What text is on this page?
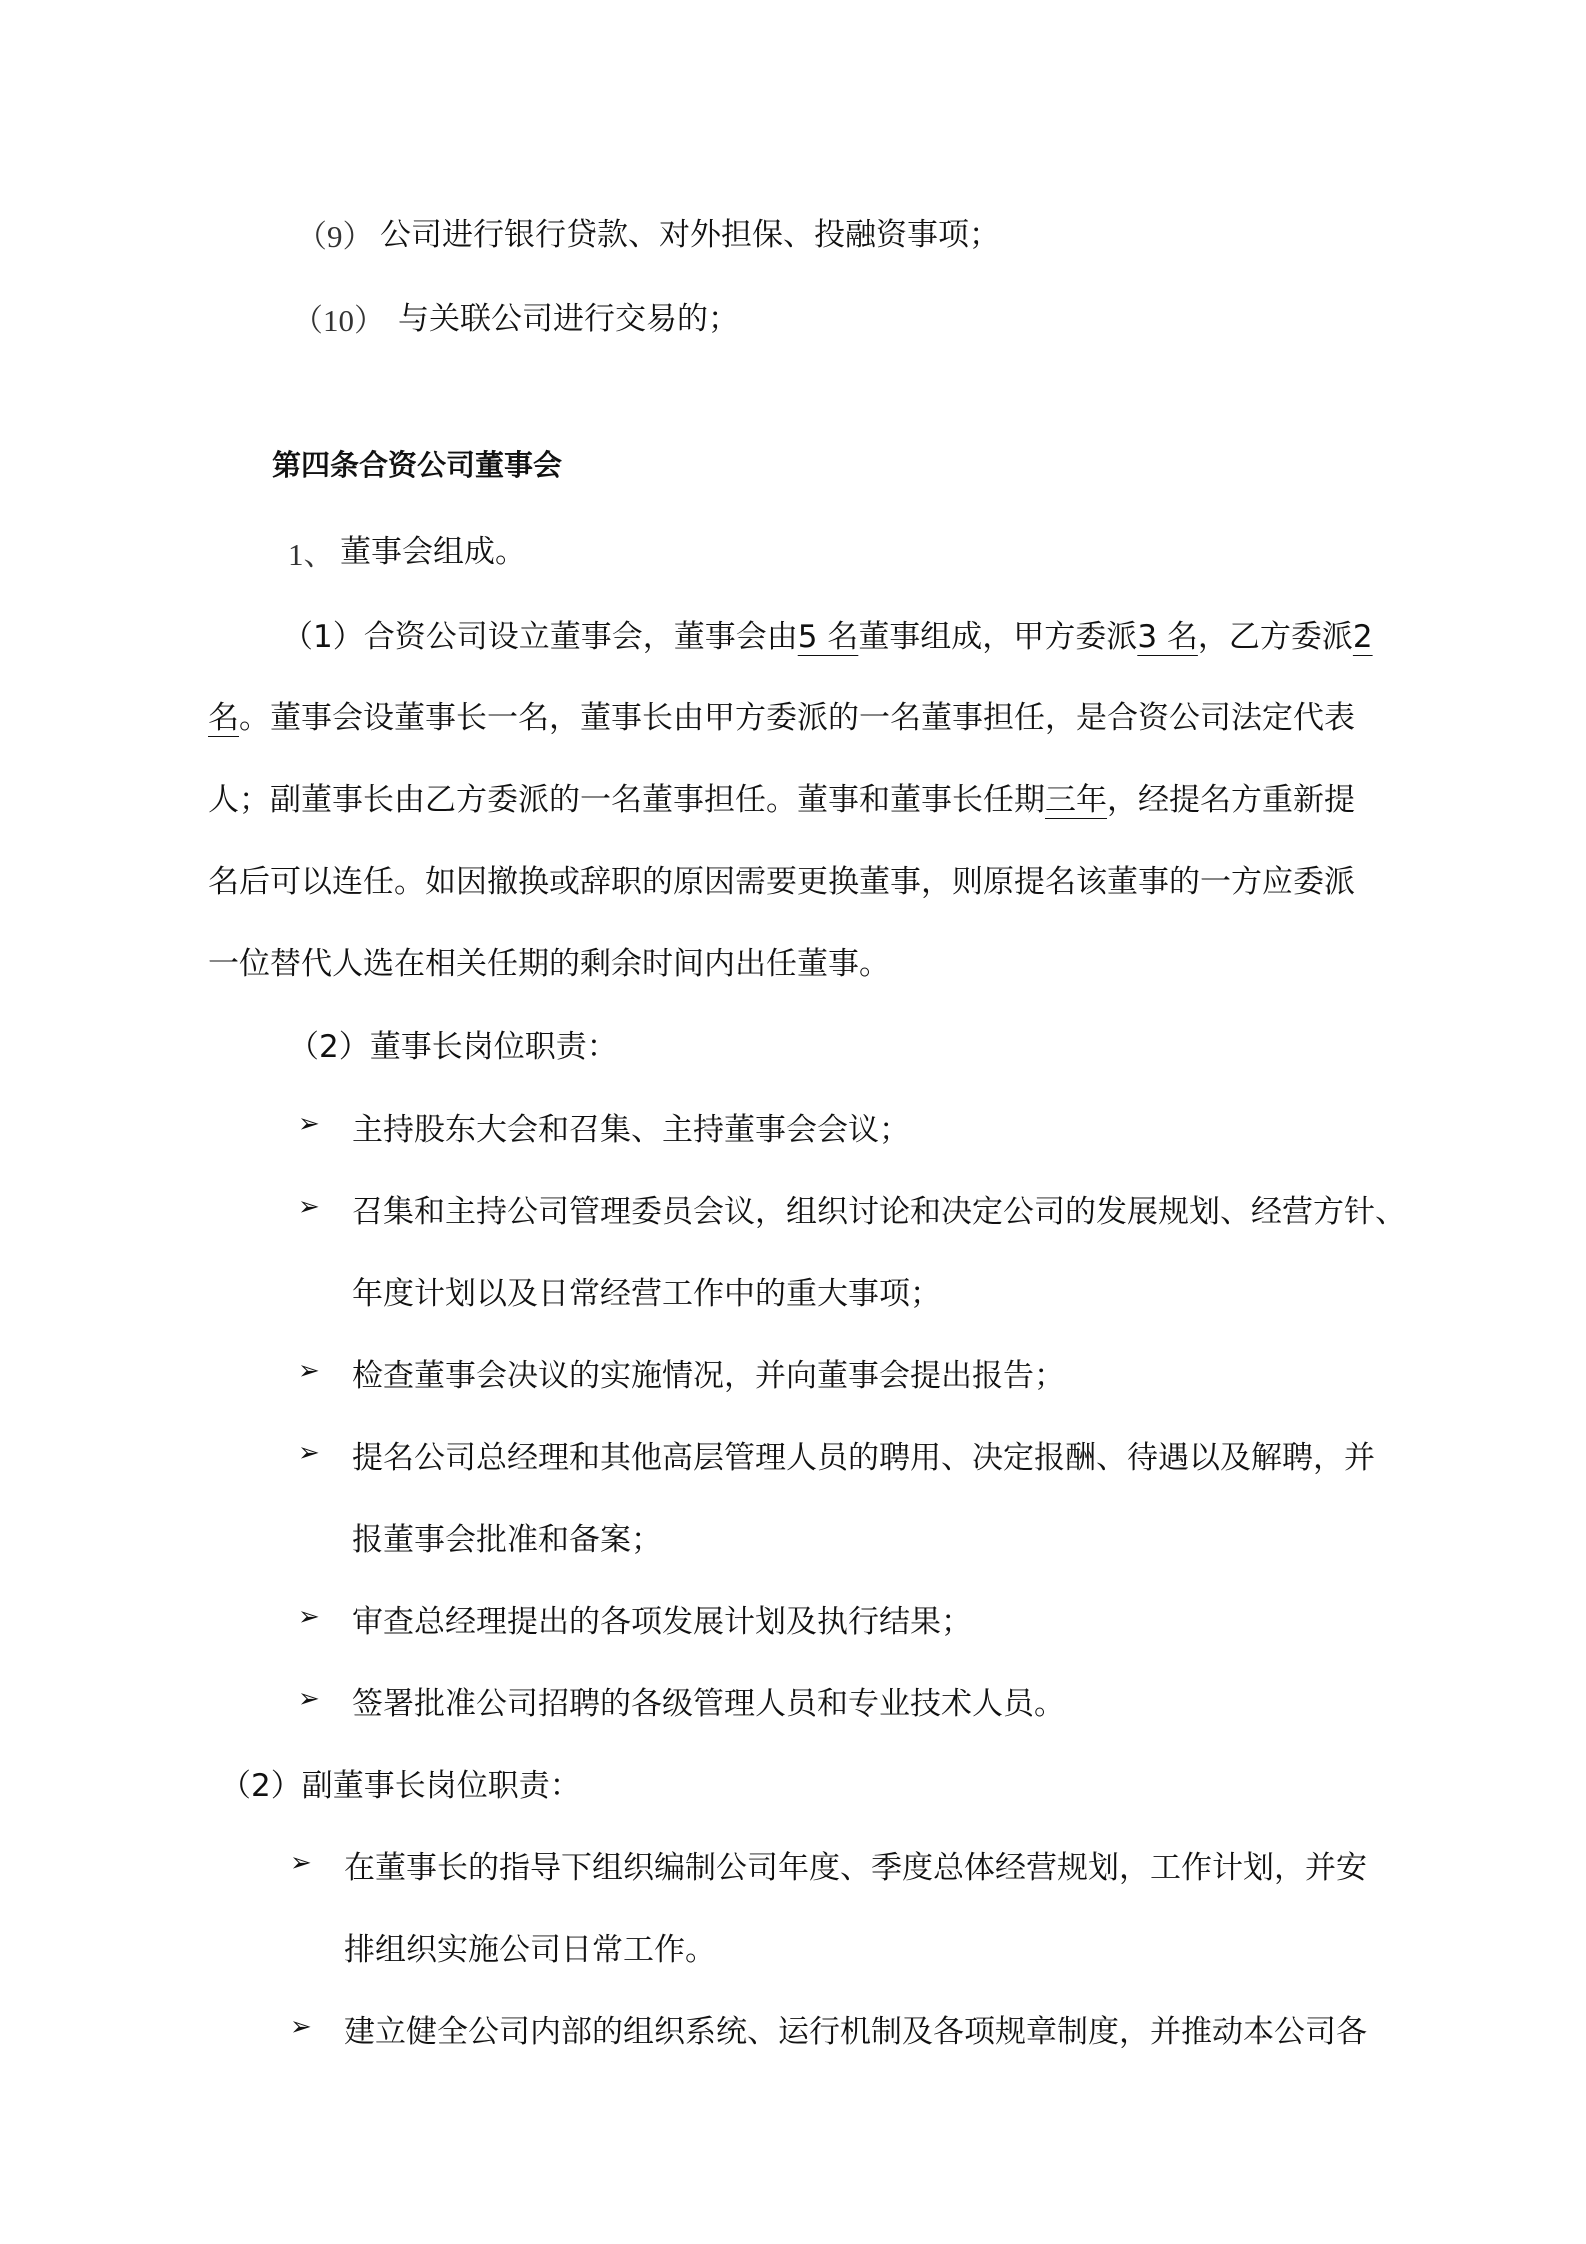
（9） 公司进行银行贷款、对外担保、投融资事项；
（10） 与关联公司进行交易的；
第四条合资公司董事会
1、 董事会组成。
（1）合资公司设立董事会，董事会由5 名董事组成，甲方委派3 名，乙方委派2
名。董事会设董事长一名，董事长由甲方委派的一名董事担任，是合资公司法定代表
人；副董事长由乙方委派的一名董事担任。董事和董事长任期三年，经提名方重新提
名后可以连任。如因撤换或辞职的原因需要更换董事，则原提名该董事的一方应委派
一位替代人选在相关任期的剩余时间内出任董事。
（2）董事长岗位职责：
➢ 主持股东大会和召集、主持董事会会议；
➢ 召集和主持公司管理委员会议，组织讨论和决定公司的发展规划、经营方针、
年度计划以及日常经营工作中的重大事项；
➢ 检查董事会决议的实施情况，并向董事会提出报告；
➢ 提名公司总经理和其他高层管理人员的聘用、决定报酬、待遇以及解聘，并
报董事会批准和备案；
➢ 审查总经理提出的各项发展计划及执行结果；
➢ 签署批准公司招聘的各级管理人员和专业技术人员。
（2）副董事长岗位职责：
➢ 在董事长的指导下组织编制公司年度、季度总体经营规划，工作计划，并安
排组织实施公司日常工作。
➢ 建立健全公司内部的组织系统、运行机制及各项规章制度，并推动本公司各
